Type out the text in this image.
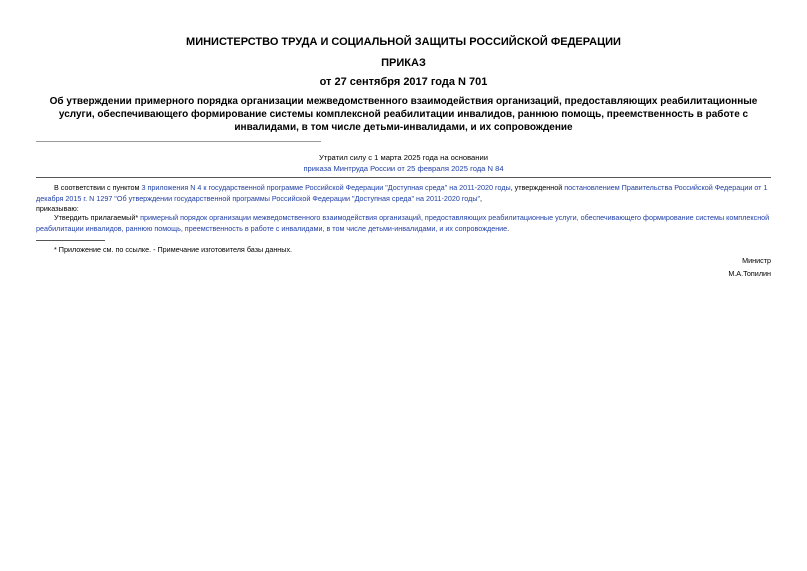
МИНИСТЕРСТВО ТРУДА И СОЦИАЛЬНОЙ ЗАЩИТЫ РОССИЙСКОЙ ФЕДЕРАЦИИ
ПРИКАЗ
от 27 сентября 2017 года N 701
Об утверждении примерного порядка организации межведомственного взаимодействия организаций, предоставляющих реабилитационные услуги, обеспечивающего формирование системы комплексной реабилитации инвалидов, раннюю помощь, преемственность в работе с инвалидами, в том числе детьми-инвалидами, и их сопровождение
Утратил силу с 1 марта 2025 года на основании
приказа Минтруда России от 25 февраля 2025 года N 84
В соответствии с пунктом 3 приложения N 4 к государственной программе Российской Федерации "Доступная среда" на 2011-2020 годы, утвержденной постановлением Правительства Российской Федерации от 1 декабря 2015 г. N 1297 "Об утверждении государственной программы Российской Федерации "Доступная среда" на 2011-2020 годы",
приказываю:
Утвердить прилагаемый* примерный порядок организации межведомственного взаимодействия организаций, предоставляющих реабилитационные услуги, обеспечивающего формирование системы комплексной реабилитации инвалидов, раннюю помощь, преемственность в работе с инвалидами, в том числе детьми-инвалидами, и их сопровождение.
* Приложение см. по ссылке. - Примечание изготовителя базы данных.
Министр
М.А.Топилин
